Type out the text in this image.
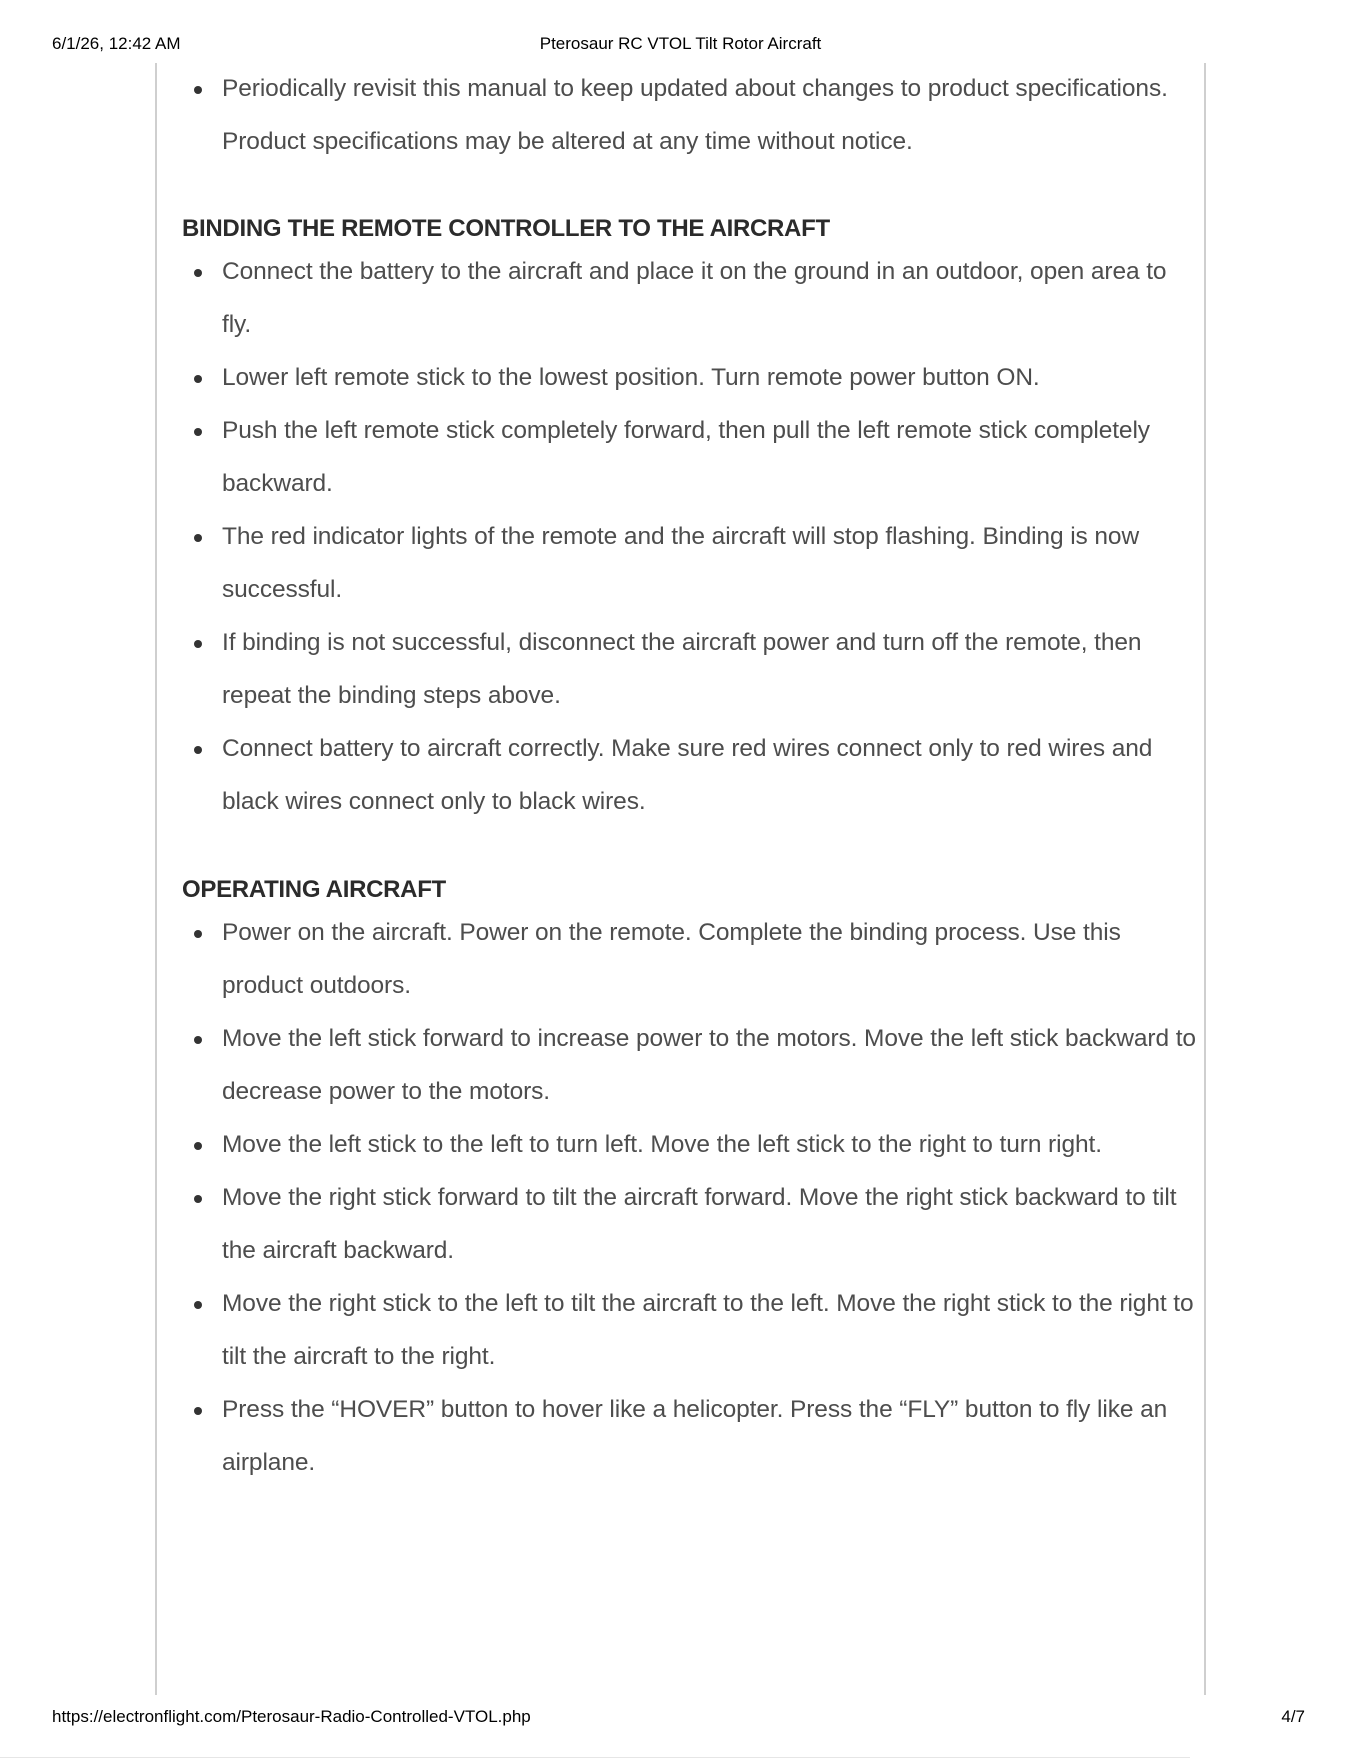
6/1/26, 12:42 AM	Pterosaur RC VTOL Tilt Rotor Aircraft
Periodically revisit this manual to keep updated about changes to product specifications. Product specifications may be altered at any time without notice.
BINDING THE REMOTE CONTROLLER TO THE AIRCRAFT
Connect the battery to the aircraft and place it on the ground in an outdoor, open area to fly.
Lower left remote stick to the lowest position. Turn remote power button ON.
Push the left remote stick completely forward, then pull the left remote stick completely backward.
The red indicator lights of the remote and the aircraft will stop flashing. Binding is now successful.
If binding is not successful, disconnect the aircraft power and turn off the remote, then repeat the binding steps above.
Connect battery to aircraft correctly. Make sure red wires connect only to red wires and black wires connect only to black wires.
OPERATING AIRCRAFT
Power on the aircraft. Power on the remote. Complete the binding process. Use this product outdoors.
Move the left stick forward to increase power to the motors. Move the left stick backward to decrease power to the motors.
Move the left stick to the left to turn left. Move the left stick to the right to turn right.
Move the right stick forward to tilt the aircraft forward. Move the right stick backward to tilt the aircraft backward.
Move the right stick to the left to tilt the aircraft to the left. Move the right stick to the right to tilt the aircraft to the right.
Press the “HOVER” button to hover like a helicopter. Press the “FLY” button to fly like an airplane.
https://electronflight.com/Pterosaur-Radio-Controlled-VTOL.php	4/7
